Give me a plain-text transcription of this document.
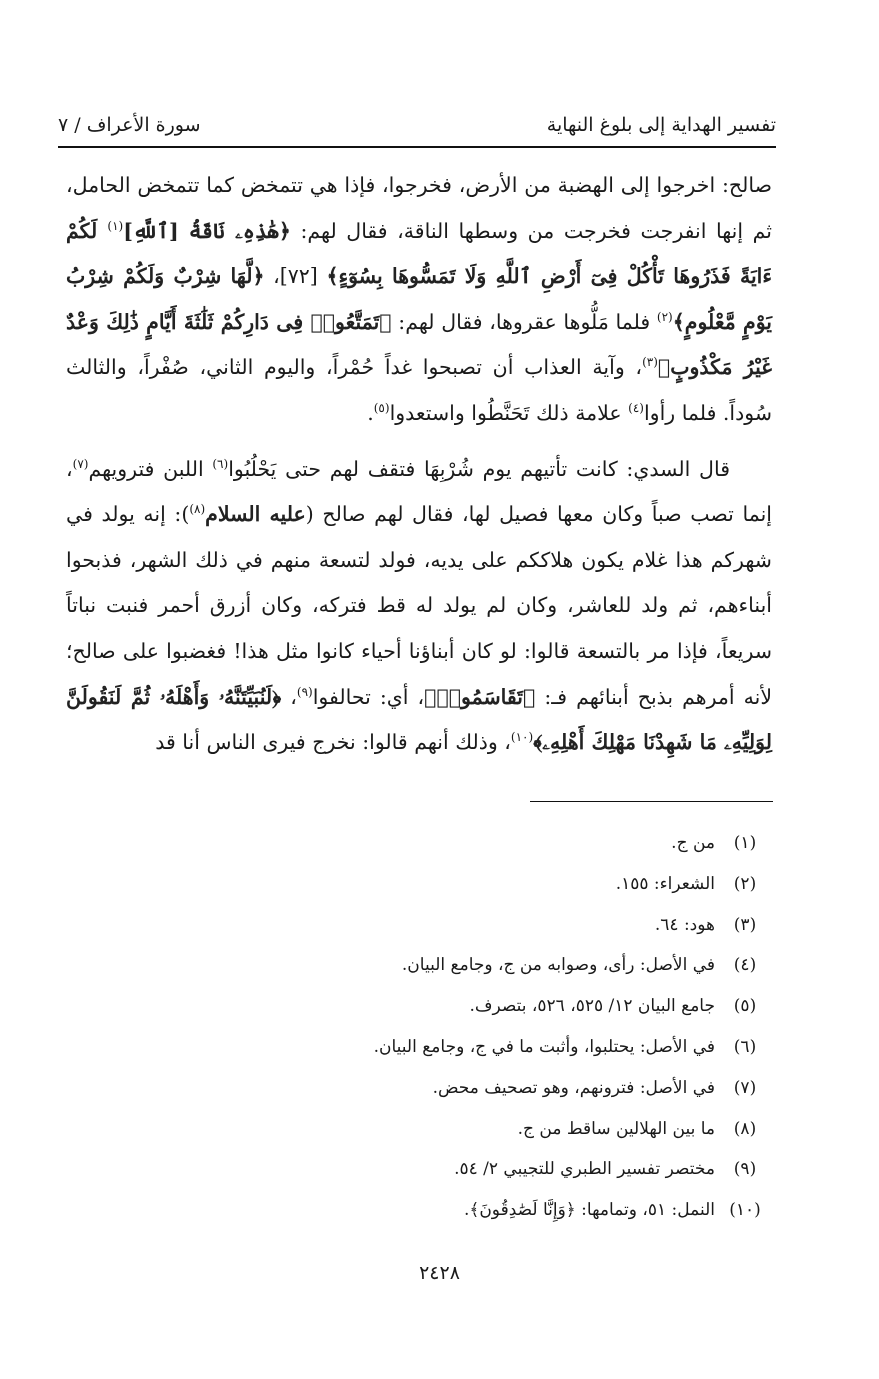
تفسير الهداية إلى بلوغ النهاية
سورة الأعراف / ٧

صالح: اخرجوا إلى الهضبة من الأرض، فخرجوا، فإذا هي تتمخض كما تتمخض الحامل، ثم إنها انفرجت فخرجت من وسطها الناقة، فقال لهم: ﴿هَٰذِهِۦ نَاقَةُ [ٱللَّهِ]$^{(١)}$ لَكُمْ ءَايَةً فَذَرُوهَا تَأْكُلْ فِىٓ أَرْضِ ٱللَّهِ وَلَا تَمَسُّوهَا بِسُوٓءٍ﴾ [٧٢]، ﴿لَّهَا شِرْبٌ وَلَكُمْ شِرْبُ يَوْمٍ مَّعْلُومٍ﴾$^{(٢)}$ فلما مَلُّوها عقروها، فقال لهم: ﴿تَمَتَّعُوا۟ فِى دَارِكُمْ ثَلَٰثَةَ أَيَّامٍ ذَٰلِكَ وَعْدٌ غَيْرُ مَكْذُوبٍ﴾$^{(٣)}$، وآية العذاب أن تصبحوا غداً حُمْراً، واليوم الثاني، صُفْراً، والثالث سُوداً. فلما رأوا$^{(٤)}$ علامة ذلك تَحَنَّطُوا واستعدوا$^{(٥)}$.

قال السدي: كانت تأتيهم يوم شُرْبِهَا فتقف لهم حتى يَحْلُبُوا$^{(٦)}$ اللبن فترويهم$^{(٧)}$، إنما تصب صباً وكان معها فصيل لها، فقال لهم صالح (عليه السلام$^{(٨)}$): إنه يولد في شهركم هذا غلام يكون هلاككم على يديه، فولد لتسعة منهم في ذلك الشهر، فذبحوا أبناءهم، ثم ولد للعاشر، وكان لم يولد له قط فتركه، وكان أزرق أحمر فنبت نباتاً سريعاً، فإذا مر بالتسعة قالوا: لو كان أبناؤنا أحياء كانوا مثل هذا! فغضبوا على صالح؛ لأنه أمرهم بذبح أبنائهم فـ: ﴿تَقَاسَمُوا۟﴾، أي: تحالفوا$^{(٩)}$، ﴿لَنُبَيِّتَنَّهُۥ وَأَهْلَهُۥ ثُمَّ لَنَقُولَنَّ لِوَلِيِّهِۦ مَا شَهِدْنَا مَهْلِكَ أَهْلِهِۦ﴾$^{(١٠)}$، وذلك أنهم قالوا: نخرج فيرى الناس أنا قد

(١)
من ج.
(٢)
الشعراء: ١٥٥.
(٣)
هود: ٦٤.
(٤)
في الأصل: رأى، وصوابه من ج، وجامع البيان.
(٥)
جامع البيان ١٢/ ٥٢٥، ٥٢٦، بتصرف.
(٦)
في الأصل: يحتلبوا، وأثبت ما في ج، وجامع البيان.
(٧)
في الأصل: فترونهم، وهو تصحيف محض.
(٨)
ما بين الهلالين ساقط من ج.
(٩)
مختصر تفسير الطبري للتجيبي ٢/ ٥٤.
(١٠)
النمل: ٥١، وتمامها: ﴿وَإِنَّا لَصَٰدِقُونَ﴾.
٢٤٢٨
